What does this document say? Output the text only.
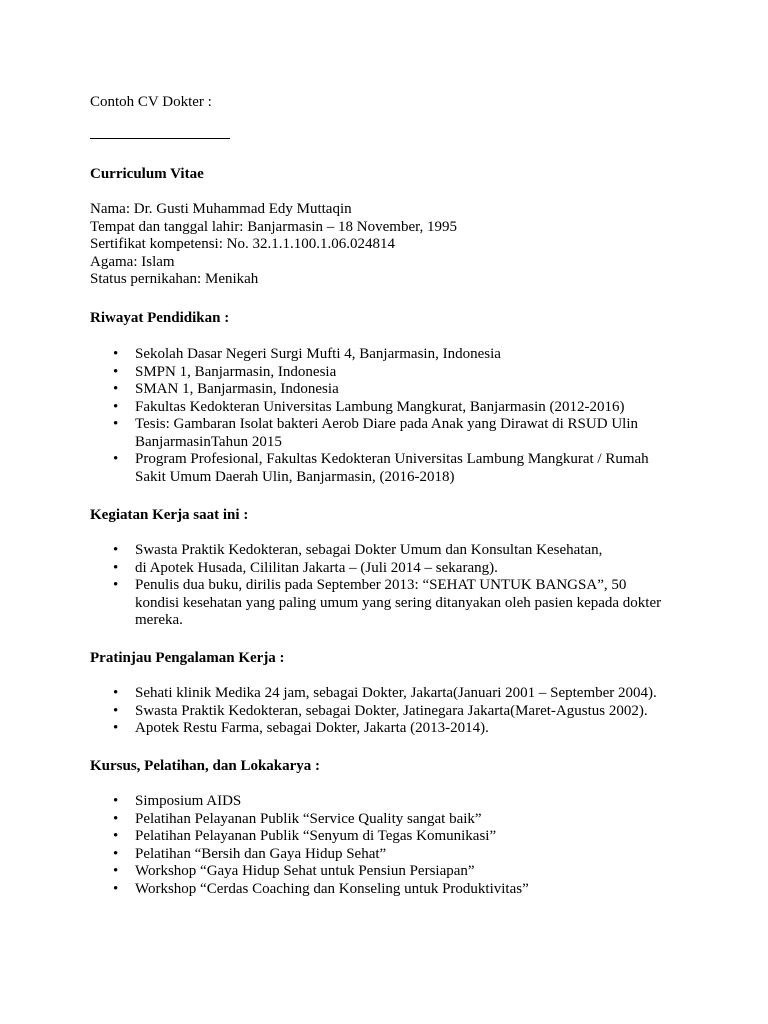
Contoh CV Dokter :

Curriculum Vitae

Nama: Dr. Gusti Muhammad Edy Muttaqin
Tempat dan tanggal lahir: Banjarmasin – 18 November, 1995
Sertifikat kompetensi: No. 32.1.1.100.1.06.024814
Agama: Islam
Status pernikahan: Menikah

Riwayat Pendidikan :

• Sekolah Dasar Negeri Surgi Mufti 4, Banjarmasin, Indonesia
• SMPN 1, Banjarmasin, Indonesia
• SMAN 1, Banjarmasin, Indonesia
• Fakultas Kedokteran Universitas Lambung Mangkurat, Banjarmasin (2012-2016)
• Tesis: Gambaran Isolat bakteri Aerob Diare pada Anak yang Dirawat di RSUD Ulin
BanjarmasinTahun 2015
• Program Profesional, Fakultas Kedokteran Universitas Lambung Mangkurat / Rumah
Sakit Umum Daerah Ulin, Banjarmasin, (2016-2018)

Kegiatan Kerja saat ini :

• Swasta Praktik Kedokteran, sebagai Dokter Umum dan Konsultan Kesehatan,
• di Apotek Husada, Cililitan Jakarta – (Juli 2014 – sekarang).
• Penulis dua buku, dirilis pada September 2013: “SEHAT UNTUK BANGSA”, 50
kondisi kesehatan yang paling umum yang sering ditanyakan oleh pasien kepada dokter
mereka.

Pratinjau Pengalaman Kerja :

• Sehati klinik Medika 24 jam, sebagai Dokter, Jakarta(Januari 2001 – September 2004).
• Swasta Praktik Kedokteran, sebagai Dokter, Jatinegara Jakarta(Maret-Agustus 2002).
• Apotek Restu Farma, sebagai Dokter, Jakarta (2013-2014).

Kursus, Pelatihan, dan Lokakarya :

• Simposium AIDS
• Pelatihan Pelayanan Publik “Service Quality sangat baik”
• Pelatihan Pelayanan Publik “Senyum di Tegas Komunikasi”
• Pelatihan “Bersih dan Gaya Hidup Sehat”
• Workshop “Gaya Hidup Sehat untuk Pensiun Persiapan”
• Workshop “Cerdas Coaching dan Konseling untuk Produktivitas”
